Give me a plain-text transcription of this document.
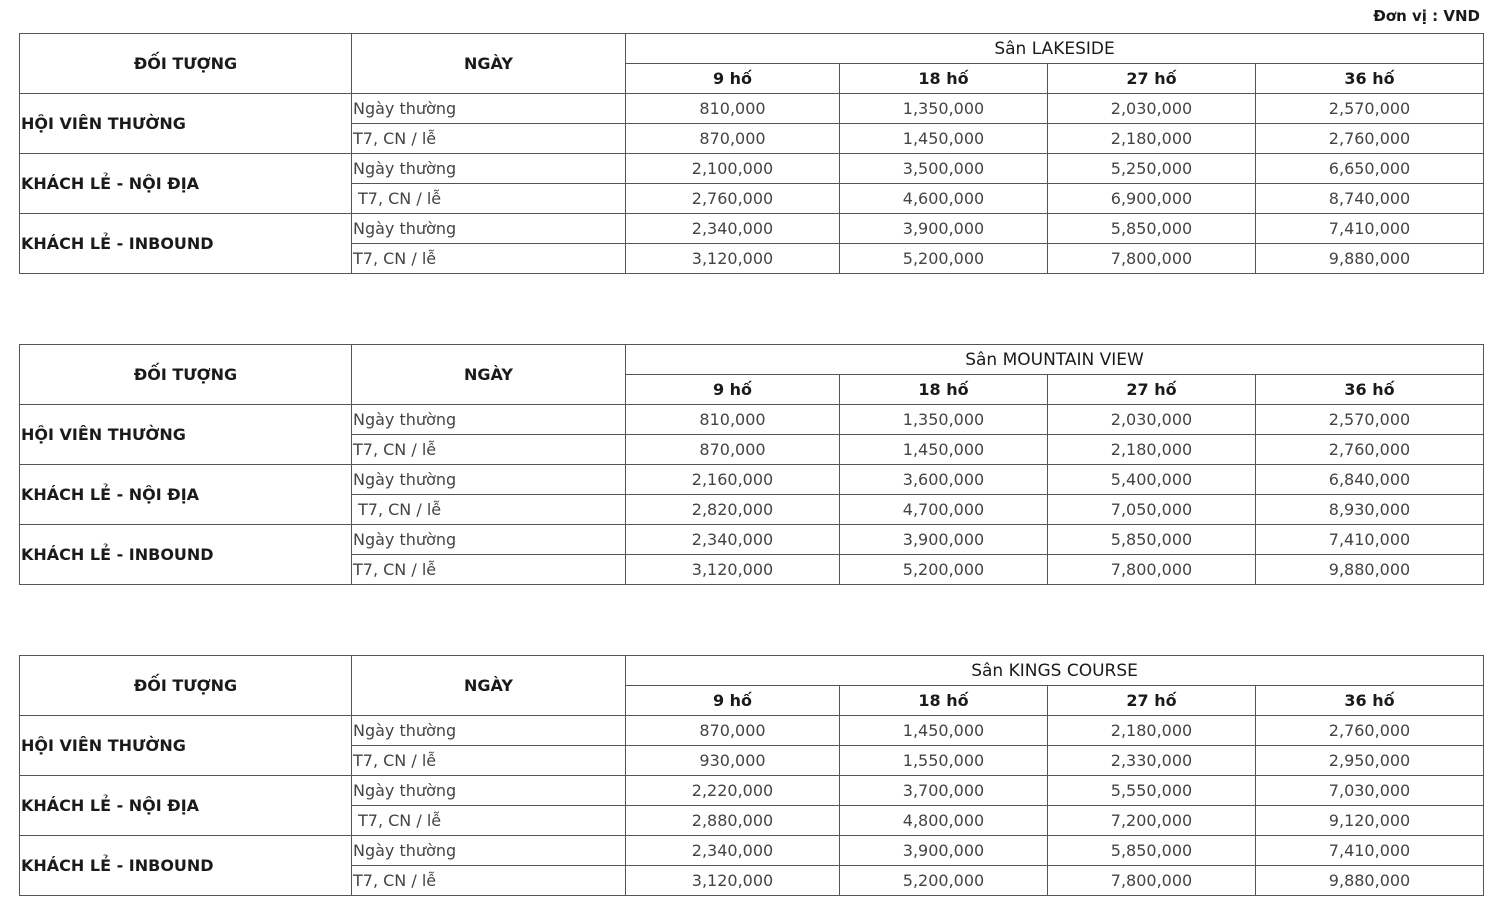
Đơn vị : VND
ĐỐI TƯỢNG	NGÀY	Sân LAKESIDE			
		9 hố	18 hố	27 hố	36 hố
HỘI VIÊN THƯỜNG	Ngày thường	810,000	1,350,000	2,030,000	2,570,000
	T7, CN / lễ	870,000	1,450,000	2,180,000	2,760,000
KHÁCH LẺ - NỘI ĐỊA	Ngày thường	2,100,000	3,500,000	5,250,000	6,650,000
	T7, CN / lễ	2,760,000	4,600,000	6,900,000	8,740,000
KHÁCH LẺ - INBOUND	Ngày thường	2,340,000	3,900,000	5,850,000	7,410,000
	T7, CN / lễ	3,120,000	5,200,000	7,800,000	9,880,000
ĐỐI TƯỢNG	NGÀY	Sân MOUNTAIN VIEW			
		9 hố	18 hố	27 hố	36 hố
HỘI VIÊN THƯỜNG	Ngày thường	810,000	1,350,000	2,030,000	2,570,000
	T7, CN / lễ	870,000	1,450,000	2,180,000	2,760,000
KHÁCH LẺ - NỘI ĐỊA	Ngày thường	2,160,000	3,600,000	5,400,000	6,840,000
	T7, CN / lễ	2,820,000	4,700,000	7,050,000	8,930,000
KHÁCH LẺ - INBOUND	Ngày thường	2,340,000	3,900,000	5,850,000	7,410,000
	T7, CN / lễ	3,120,000	5,200,000	7,800,000	9,880,000
ĐỐI TƯỢNG	NGÀY	Sân KINGS COURSE			
		9 hố	18 hố	27 hố	36 hố
HỘI VIÊN THƯỜNG	Ngày thường	870,000	1,450,000	2,180,000	2,760,000
	T7, CN / lễ	930,000	1,550,000	2,330,000	2,950,000
KHÁCH LẺ - NỘI ĐỊA	Ngày thường	2,220,000	3,700,000	5,550,000	7,030,000
	T7, CN / lễ	2,880,000	4,800,000	7,200,000	9,120,000
KHÁCH LẺ - INBOUND	Ngày thường	2,340,000	3,900,000	5,850,000	7,410,000
	T7, CN / lễ	3,120,000	5,200,000	7,800,000	9,880,000
